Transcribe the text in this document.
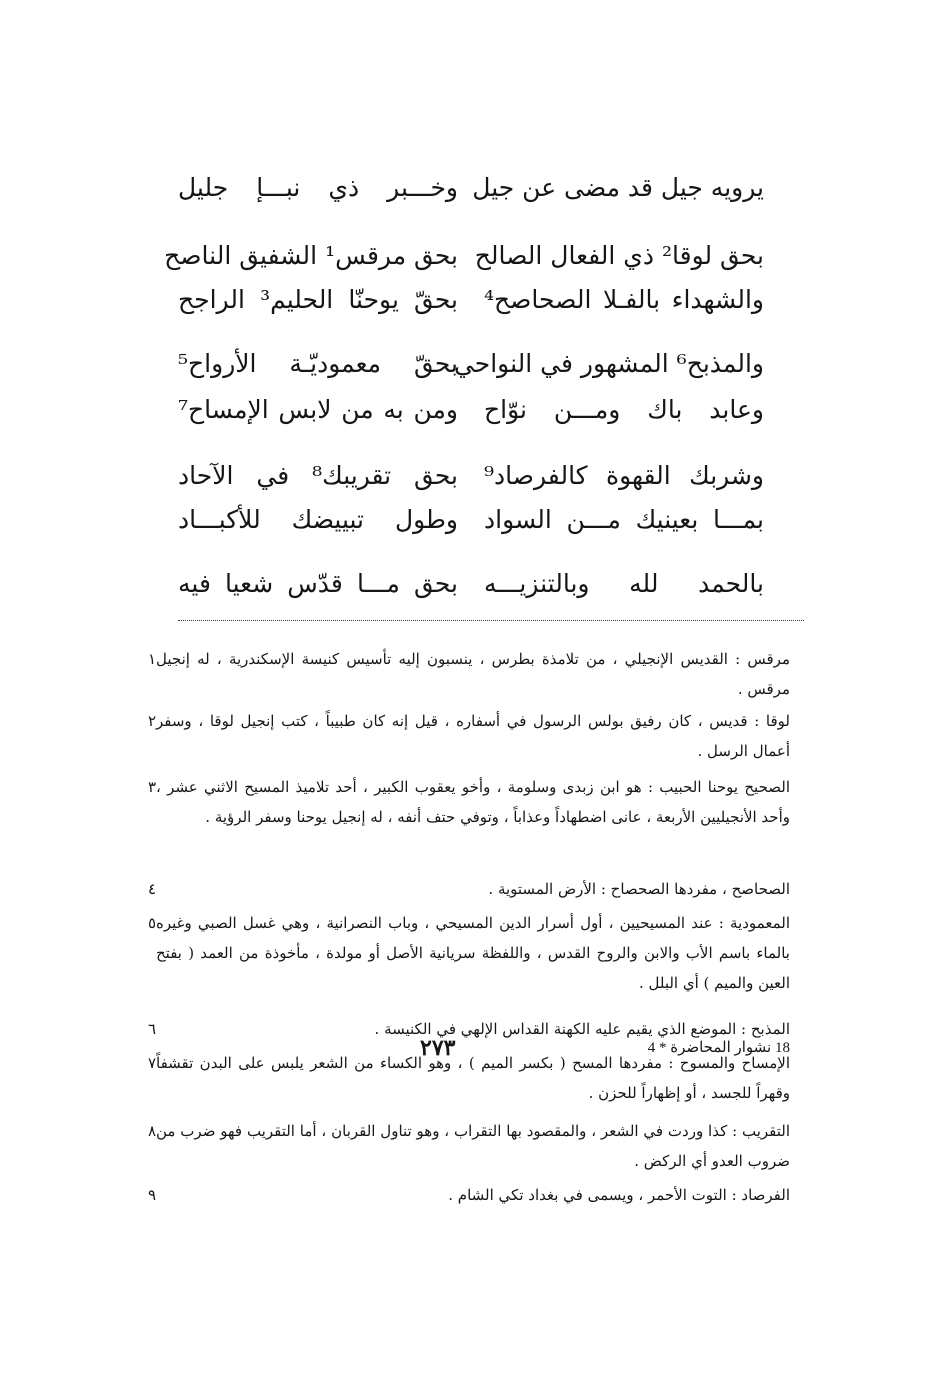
وخـــبر ذي نبـــإ جليل يرويه جيل قد مضى عن جيل
بحق مرقس¹ الشفيق الناصح بحق لوقا² ذي الفعال الصالح
بحقّ يوحنّا الحليم³ الراجح والشهداء بالفـلا الصحاصح⁴
بحقّ معموديّـة الأرواح⁵
والمذبح⁶ المشهور في النواحي
ومن به من لابس الإمساح⁷ وعابد باك ومـــن نوّاح
بحق تقريبك⁸ في الآحاد وشربك القهوة كالفرصاد⁹
وطول تبييضك للأكبـــاد بمـــا بعينيك مـــن السواد
بحق مـــا قدّس شعيا فيه بالحمد لله وبالتنزيـــه
١ مرقس : القديس الإنجيلي ، من تلامذة بطرس ، ينسبون إليه تأسيس كنيسة الإسكندرية ، له إنجيل مرقس .
٢ لوقا : قديس ، كان رفيق بولس الرسول في أسفاره ، قيل إنه كان طبيباً ، كتب إنجيل لوقا ، وسفر أعمال الرسل .
٣ الصحيح يوحنا الحبيب : هو ابن زبدى وسلومة ، وأخو يعقوب الكبير ، أحد تلاميذ المسيح الاثني عشر ، وأحد الأنجيليين الأربعة ، عانى اضطهاداً وعذاباً ، وتوفي حتف أنفه ، له إنجيل يوحنا وسفر الرؤية .
٤	الصحاصح ، مفردها الصحصاح : الأرض المستوية .
٥ المعمودية : عند المسيحيين ، أول أسرار الدين المسيحي ، وباب النصرانية ، وهي غسل الصبي وغيره بالماء باسم الأب والابن والروح القدس ، واللفظة سريانية الأصل أو مولدة ، مأخوذة من العمد ( بفتح العين والميم ) أي البلل .
٦	المذبح : الموضع الذي يقيم عليه الكهنة القداس الإلهي في الكنيسة .
٧ الإمساح والمسوح : مفردها المسح ( بكسر الميم ) ، وهو الكساء من الشعر يلبس على البدن تقشفاً وقهراً للجسد ، أو إظهاراً للحزن .
٨ التقريب : كذا وردت في الشعر ، والمقصود بها التقراب ، وهو تناول القربان ، أما التقريب فهو ضرب من ضروب العدو أي الركض .
٩	الفرصاد : التوت الأحمر ، ويسمى في بغداد تكي الشام .
٢٧٣	18 نشوار المحاضرة * 4
